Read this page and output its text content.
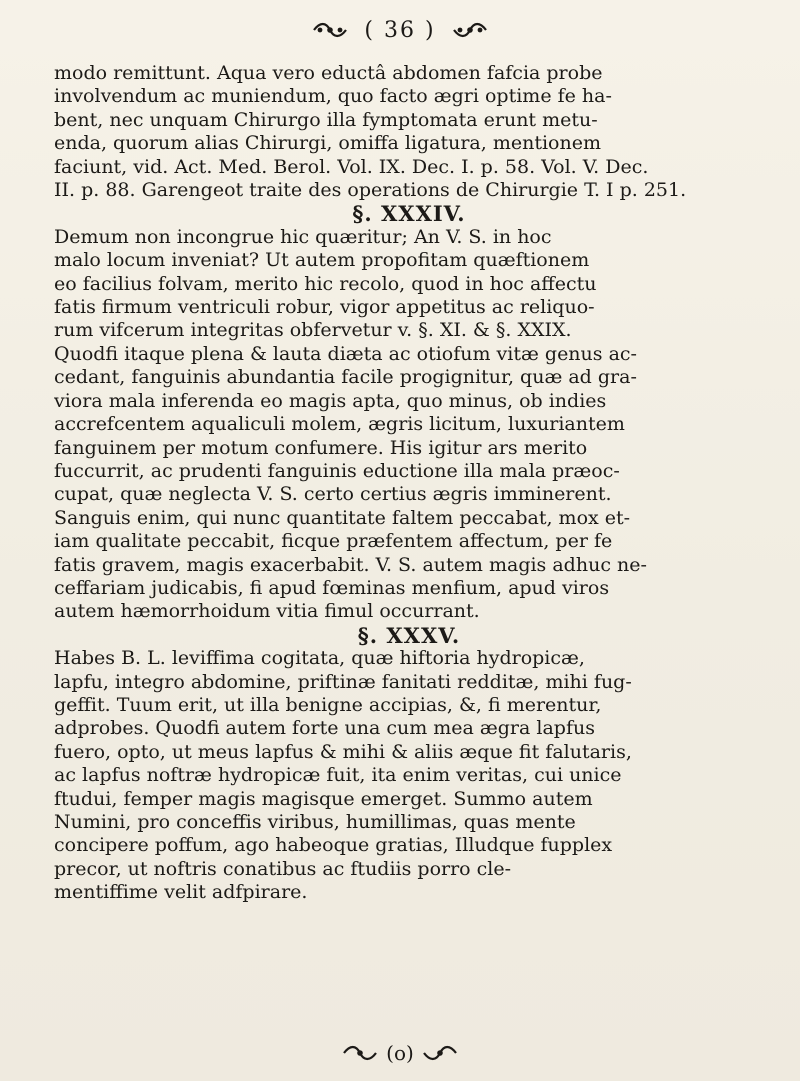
( 36 )
modo remittunt. Aqua vero eductâ abdomen fafcia probe
involvendum ac muniendum, quo facto ægri optime fe ha-
bent, nec unquam Chirurgo illa fymptomata erunt metu-
enda, quorum alias Chirurgi, omiffa ligatura, mentionem
faciunt, vid. Act. Med. Berol. Vol. IX. Dec. I. p. 58. Vol. V. Dec.
II. p. 88. Garengeot traite des operations de Chirurgie T. I p. 251.
§. XXXIV.
Demum non incongrue hic quæritur; An V. S. in hoc
malo locum inveniat? Ut autem propofitam quæftionem
eo facilius folvam, merito hic recolo, quod in hoc affectu
fatis firmum ventriculi robur, vigor appetitus ac reliquo-
rum vifcerum integritas obfervetur v. §. XI. & §. XXIX.
Quodfi itaque plena & lauta diæta ac otiofum vitæ genus ac-
cedant, fanguinis abundantia facile progignitur, quæ ad gra-
viora mala inferenda eo magis apta, quo minus, ob indies
accrefcentem aqualiculi molem, ægris licitum, luxuriantem
fanguinem per motum confumere. His igitur ars merito
fuccurrit, ac prudenti fanguinis eductione illa mala præoc-
cupat, quæ neglecta V. S. certo certius ægris imminerent.
Sanguis enim, qui nunc quantitate faltem peccabat, mox et-
iam qualitate peccabit, ficque præfentem affectum, per fe
fatis gravem, magis exacerbabit. V. S. autem magis adhuc ne-
ceffariam judicabis, fi apud fœminas menfium, apud viros
autem hæmorrhoidum vitia fimul occurrant.
§. XXXV.
Habes B. L. leviffima cogitata, quæ hiftoria hydropicæ,
lapfu, integro abdomine, priftinæ fanitati redditæ, mihi fug-
geffit. Tuum erit, ut illa benigne accipias, &, fi merentur,
adprobes. Quodfi autem forte una cum mea ægra lapfus
fuero, opto, ut meus lapfus & mihi & aliis æque fit falutaris,
ac lapfus noftræ hydropicæ fuit, ita enim veritas, cui unice
ftudui, femper magis magisque emerget. Summo autem
Numini, pro conceffis viribus, humillimas, quas mente
concipere poffum, ago habeoque gratias, Illudque fupplex
precor, ut noftris conatibus ac ftudiis porro cle-
mentiffime velit adfpirare.
(o)
